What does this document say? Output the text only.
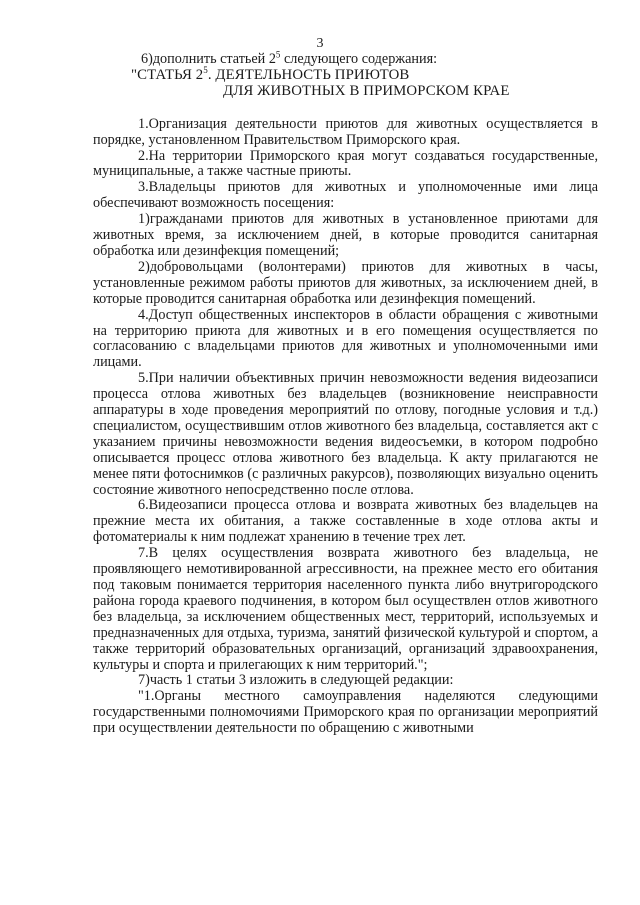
3
6)дополнить статьей $2^5$ следующего содержания:
"СТАТЬЯ $2^5$. ДЕЯТЕЛЬНОСТЬ ПРИЮТОВ
ДЛЯ ЖИВОТНЫХ В ПРИМОРСКОМ КРАЕ

1.Организация деятельности приютов для животных осуществляется в порядке, установленном Правительством Приморского края.

2.На территории Приморского края могут создаваться государственные, муниципальные, а также частные приюты.

3.Владельцы приютов для животных и уполномоченные ими лица обеспечивают возможность посещения:

1)гражданами приютов для животных в установленное приютами для животных время, за исключением дней, в которые проводится санитарная обработка или дезинфекция помещений;

2)добровольцами (волонтерами) приютов для животных в часы, установленные режимом работы приютов для животных, за исключением дней, в которые проводится санитарная обработка или дезинфекция помещений.

4.Доступ общественных инспекторов в области обращения с животными на территорию приюта для животных и в его помещения осуществляется по согласованию с владельцами приютов для животных и уполномоченными ими лицами.

5.При наличии объективных причин невозможности ведения видеозаписи процесса отлова животных без владельцев (возникновение неисправности аппаратуры в ходе проведения мероприятий по отлову, погодные условия и т.д.) специалистом, осуществившим отлов животного без владельца, составляется акт с указанием причины невозможности ведения видеосъемки, в котором подробно описывается процесс отлова животного без владельца. К акту прилагаются не менее пяти фотоснимков (с различных ракурсов), позволяющих визуально оценить состояние животного непосредственно после отлова.

6.Видеозаписи процесса отлова и возврата животных без владельцев на прежние места их обитания, а также составленные в ходе отлова акты и фотоматериалы к ним подлежат хранению в течение трех лет.

7.В целях осуществления возврата животного без владельца, не проявляющего немотивированной агрессивности, на прежнее место его обитания под таковым понимается территория населенного пункта либо внутригородского района города краевого подчинения, в котором был осуществлен отлов животного без владельца, за исключением общественных мест, территорий, используемых и предназначенных для отдыха, туризма, занятий физической культурой и спортом, а также территорий образовательных организаций, организаций здравоохранения, культуры и спорта и прилегающих к ним территорий.";

7)часть 1 статьи 3 изложить в следующей редакции:

"1.Органы местного самоуправления наделяются следующими государственными полномочиями Приморского края по организации мероприятий при осуществлении деятельности по обращению с животными
